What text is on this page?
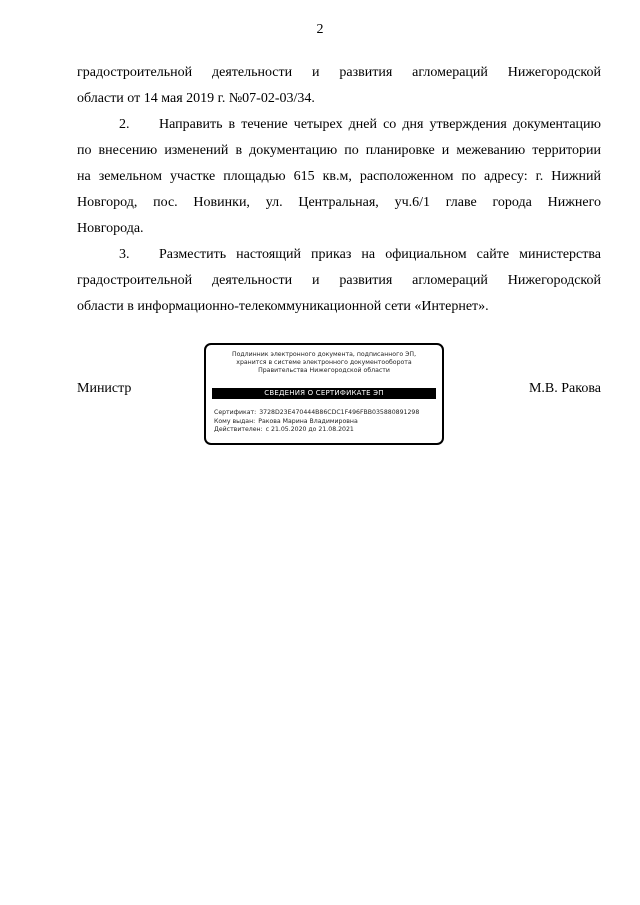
2

градостроительной деятельности и развития агломераций Нижегородской
области от 14 мая 2019 г. №07-02-03/34.

2. Направить в течение четырех дней со дня утверждения документацию
по внесению изменений в документацию по планировке и межеванию территории
на земельном участке площадью 615 кв.м, расположенном по адресу: г. Нижний
Новгород, пос. Новинки, ул. Центральная, уч.6/1 главе города Нижнего
Новгорода.

3. Разместить настоящий приказ на официальном сайте министерства
градостроительной деятельности и развития агломераций Нижегородской
области в информационно-телекоммуникационной сети «Интернет».

Министр
Подлинник электронного документа, подписанного ЭП,
хранится в системе электронного документооборота
Правительства Нижегородской области
СВЕДЕНИЯ О СЕРТИФИКАТЕ ЭП
Сертификат: 3728D23E470444B86CDC1F496FBB035880891298
Кому выдан: Ракова Марина Владимировна
Действителен: с 21.05.2020 до 21.08.2021
М.В. Ракова
